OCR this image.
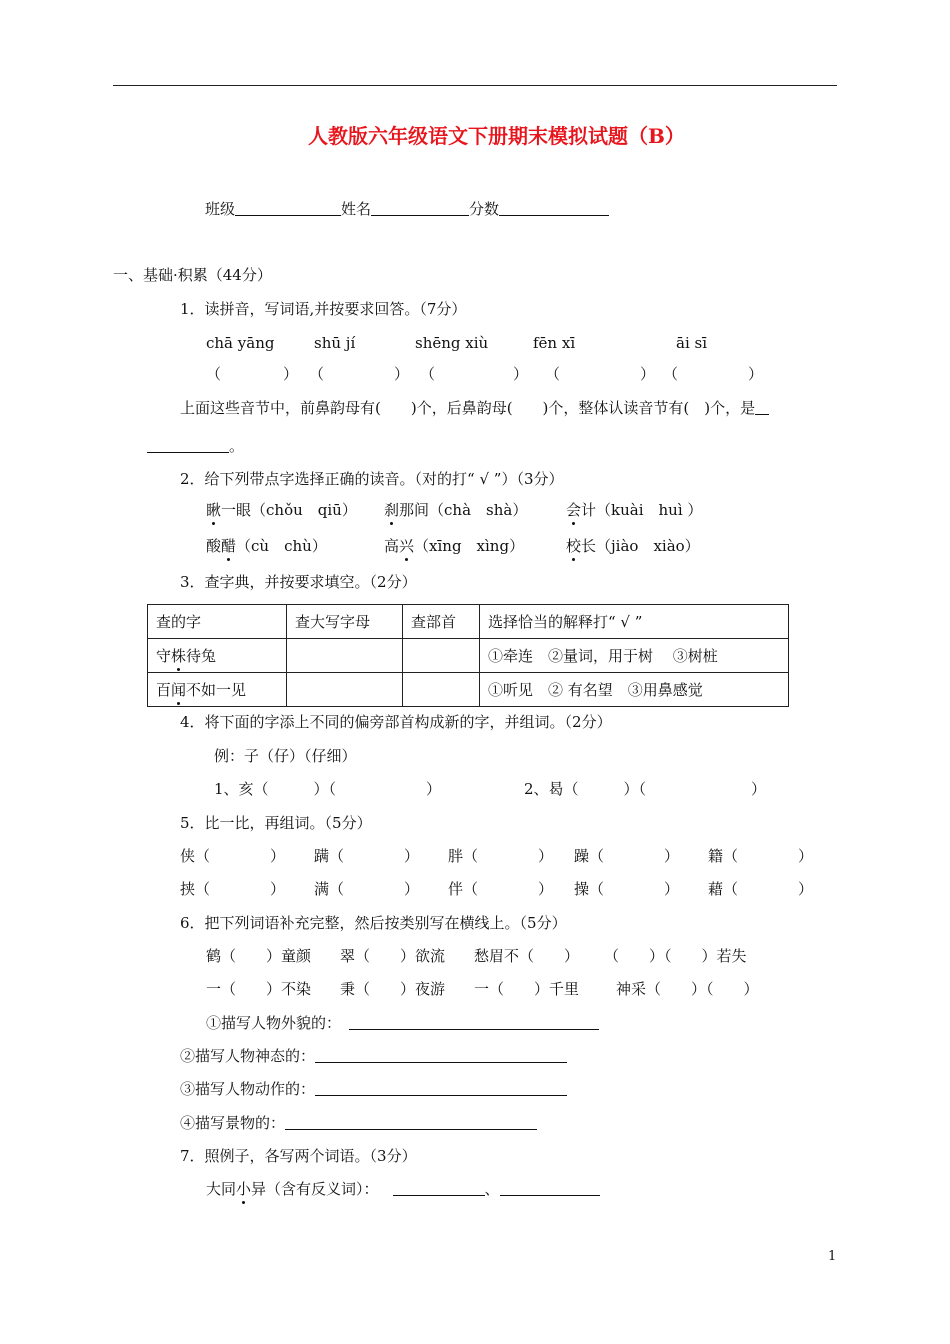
人教版六年级语文下册期末模拟试题（B）
班级	姓名	分数
一、基础·积累（44分）
1．读拼音，写词语,并按要求回答。（7分）
chā yāng	shū jí	shēng xiù	fēn xī	āi sī
（	） （	） （	） （	） （	）
上面这些音节中，前鼻韵母有(　　)个，后鼻韵母(　　)个，整体认读音节有(　)个，是
。
2．给下列带点字选择正确的读音。（对的打“ √ ”）（3分）
瞅一眼（chǒu　qiū） 刹那间（chà　shà）	会计（kuài　huì ）
酸醋（cù　chù）	高兴（xīng　xìng）	校长（jiào　xiào）
3．查字典，并按要求填空。（2分）
查的字	查大写字母	查部首	选择恰当的解释打“ √ ”
守株待兔			①牵连　②量词，用于树　 ③树桩
百闻不如一见			①听见　② 有名望　③用鼻感觉
4．将下面的字添上不同的偏旁部首构成新的字，并组词。（2分）
例：子（仔）（仔细）
1、亥（　　　）（　　　　　　）	2、曷（　　　）（　　　　　　　）
5．比一比，再组词。（5分）
侠（　　　　） 蹒（　　　　） 胖（　　　　） 躁（　　　　） 籍（　　　　）
挟（　　　　） 满（　　　　） 伴（　　　　） 操（　　　　） 藉（　　　　）
6．把下列词语补充完整，然后按类别写在横线上。（5分）
鹤（　　）童颜 翠（　　）欲流 愁眉不（　　） （　　）（　　）若失
一（　　）不染 秉（　　）夜游 一（　　）千里 神采（　　）（　　）
①描写人物外貌的：
②描写人物神态的：
③描写人物动作的：
④描写景物的：
7．照例子，各写两个词语。（3分）
大同小异（含有反义词）：	、
1
